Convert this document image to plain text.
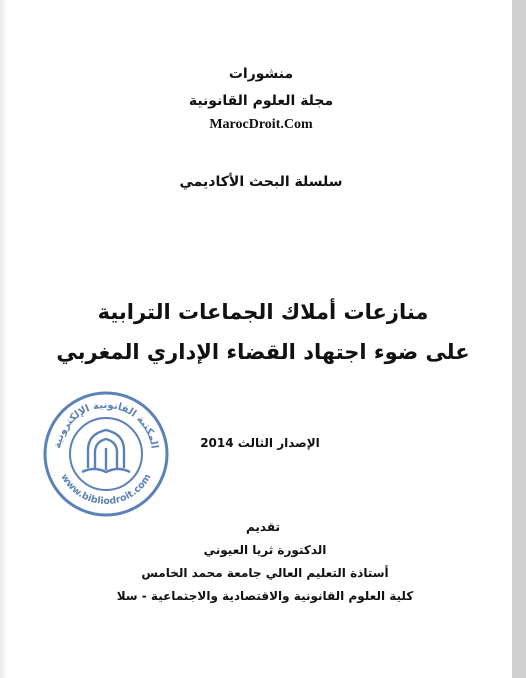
منشورات
مجلة العلوم القانونية
MarocDroit.Com
سلسلة البحث الأكاديمي
منازعات أملاك الجماعات الترابية
على ضوء اجتهاد القضاء الإداري المغربي
الإصدار الثالث 2014
المكتبة القانونية الإلكترونية
www.bibliodroit.com
تقديم
الدكتورة ثريا العيوني
أستاذة التعليم العالي جامعة محمد الخامس
كلية العلوم القانونية والاقتصادية والاجتماعية - سلا
